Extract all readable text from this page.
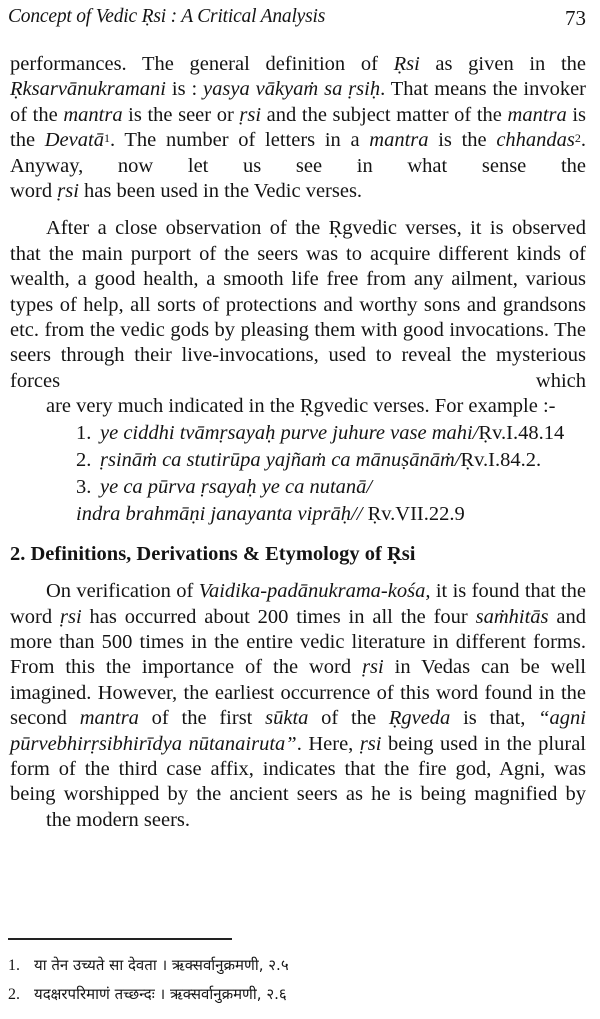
Concept of Vedic Ṛsi : A Critical Analysis	73
performances. The general definition of Ṛsi as given in the Ṛksarvānukramani is : yasya vākyaṁ sa ṛsiḥ. That means the invoker of the mantra is the seer or ṛsi and the subject matter of the mantra is the Devatā$^1$. The number of letters in a mantra is the chhandas$^2$. Anyway, now let us see in what sense the
word ṛsi has been used in the Vedic verses.
After a close observation of the Ṛgvedic verses, it is observed that the main purport of the seers was to acquire different kinds of wealth, a good health, a smooth life free from any ailment, various types of help, all sorts of protections and worthy sons and grandsons etc. from the vedic gods by pleasing them with good invocations. The seers through their live-invocations, used to reveal the mysterious forces which
are very much indicated in the Ṛgvedic verses. For example :-
1. ye ciddhi tvāmṛsayaḥ purve juhure vase mahi/Ṛv.I.48.14
2. ṛsināṁ ca stutirūpa yajñaṁ ca mānuṣānāṁ/Ṛv.I.84.2.
3. ye ca pūrva ṛsayaḥ ye ca nutanā/
indra brahmāṇi janayanta viprāḥ// Ṛv.VII.22.9
2. Definitions, Derivations & Etymology of Ṛsi
On verification of Vaidika-padānukrama-kośa, it is found that the word ṛsi has occurred about 200 times in all the four saṁhitās and more than 500 times in the entire vedic literature in different forms. From this the importance of the word ṛsi in Vedas can be well imagined. However, the earliest occurrence of this word found in the second mantra of the first sūkta of the Ṛgveda is that, “agni pūrvebhirṛsibhirīdya nūtanairuta”. Here, ṛsi being used in the plural form of the third case affix, indicates that the fire god, Agni, was being worshipped by the ancient seers as he is being magnified by
the modern seers.
1. या तेन उच्यते सा देवता । ऋक्सर्वानुक्रमणी, २.५
2. यदक्षरपरिमाणं तच्छन्दः । ऋक्सर्वानुक्रमणी, २.६
